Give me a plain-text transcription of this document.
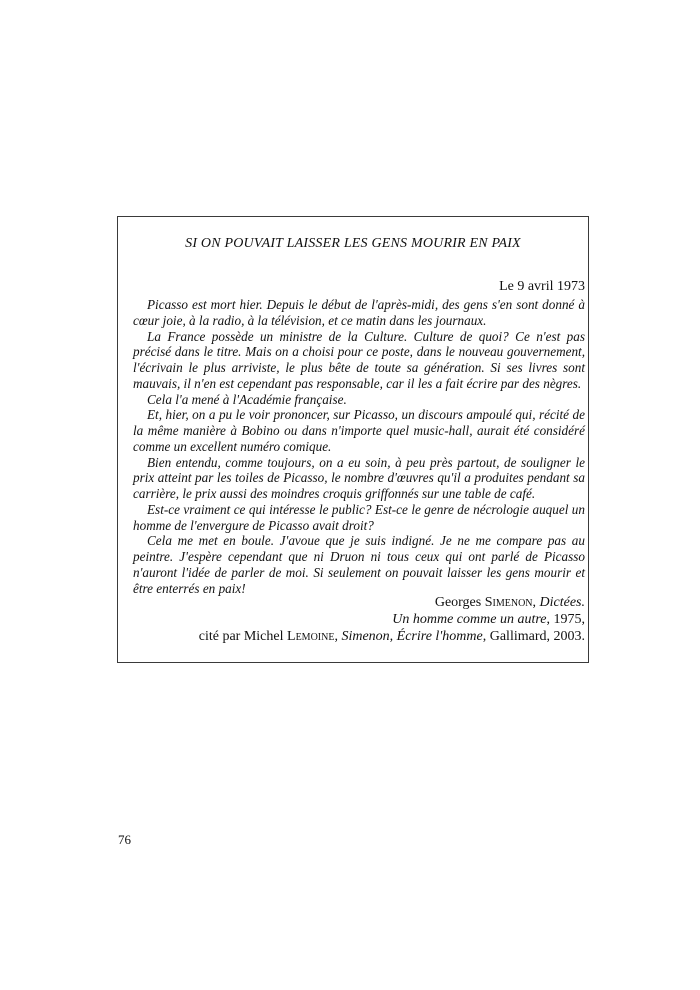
SI ON POUVAIT LAISSER LES GENS MOURIR EN PAIX
Le 9 avril 1973

Picasso est mort hier. Depuis le début de l'après-midi, des gens s'en sont donné à cœur joie, à la radio, à la télévision, et ce matin dans les journaux.

La France possède un ministre de la Culture. Culture de quoi? Ce n'est pas précisé dans le titre. Mais on a choisi pour ce poste, dans le nouveau gouvernement, l'écrivain le plus arriviste, le plus bête de toute sa génération. Si ses livres sont mauvais, il n'en est cependant pas responsable, car il les a fait écrire par des nègres.

Cela l'a mené à l'Académie française.

Et, hier, on a pu le voir prononcer, sur Picasso, un discours ampoulé qui, récité de la même manière à Bobino ou dans n'importe quel music-hall, aurait été considéré comme un excellent numéro comique.

Bien entendu, comme toujours, on a eu soin, à peu près partout, de souligner le prix atteint par les toiles de Picasso, le nombre d'œuvres qu'il a produites pendant sa carrière, le prix aussi des moindres croquis griffonnés sur une table de café.

Est-ce vraiment ce qui intéresse le public? Est-ce le genre de nécrologie auquel un homme de l'envergure de Picasso avait droit?

Cela me met en boule. J'avoue que je suis indigné. Je ne me compare pas au peintre. J'espère cependant que ni Druon ni tous ceux qui ont parlé de Picasso n'auront l'idée de parler de moi. Si seulement on pouvait laisser les gens mourir et être enterrés en paix!

Georges Simenon, Dictées.
Un homme comme un autre, 1975,
cité par Michel Lemoine, Simenon, Écrire l'homme, Gallimard, 2003.
76
